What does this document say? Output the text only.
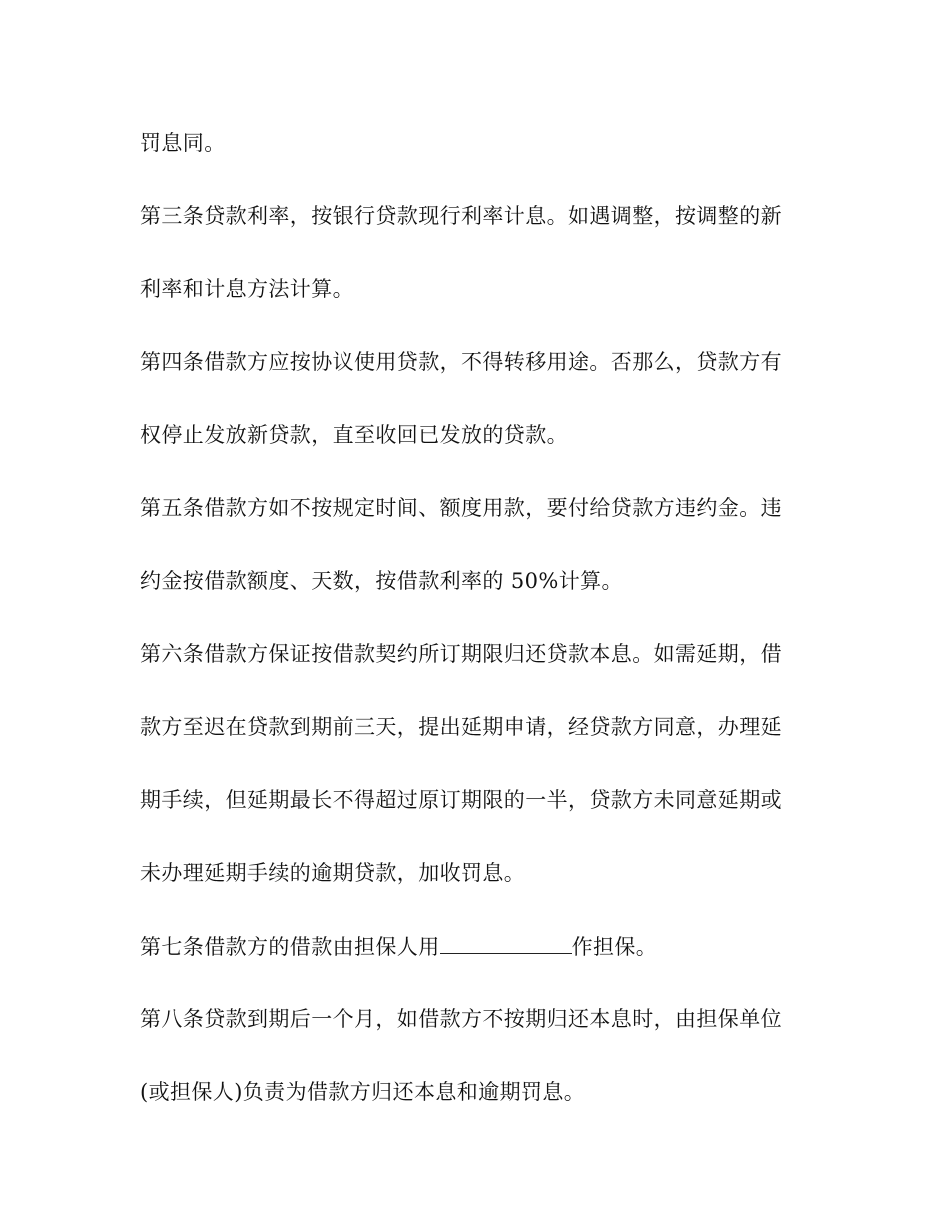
罚息同。
第三条贷款利率，按银行贷款现行利率计息。如遇调整，按调整的新
利率和计息方法计算。
第四条借款方应按协议使用贷款，不得转移用途。否那么，贷款方有
权停止发放新贷款，直至收回已发放的贷款。
第五条借款方如不按规定时间、额度用款，要付给贷款方违约金。违
约金按借款额度、天数，按借款利率的 50%计算。
第六条借款方保证按借款契约所订期限归还贷款本息。如需延期，借
款方至迟在贷款到期前三天，提出延期申请，经贷款方同意，办理延
期手续，但延期最长不得超过原订期限的一半，贷款方未同意延期或
未办理延期手续的逾期贷款，加收罚息。
第七条借款方的借款由担保人用	作担保。
第八条贷款到期后一个月，如借款方不按期归还本息时，由担保单位
(或担保人)负责为借款方归还本息和逾期罚息。
